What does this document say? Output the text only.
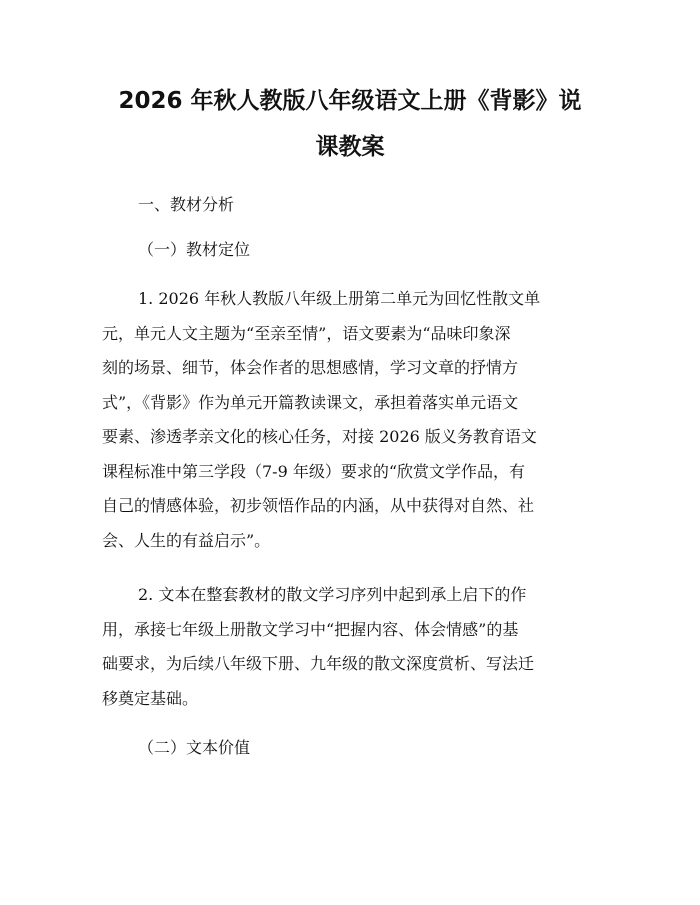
2026 年秋人教版八年级语文上册《背影》说
课教案
一、教材分析
（一）教材定位
1. 2026 年秋人教版八年级上册第二单元为回忆性散文单
元，单元人文主题为“至亲至情”，语文要素为“品味印象深
刻的场景、细节，体会作者的思想感情，学习文章的抒情方
式”，《背影》作为单元开篇教读课文，承担着落实单元语文
要素、渗透孝亲文化的核心任务，对接 2026 版义务教育语文
课程标准中第三学段（7-9 年级）要求的“欣赏文学作品，有
自己的情感体验，初步领悟作品的内涵，从中获得对自然、社
会、人生的有益启示”。
2. 文本在整套教材的散文学习序列中起到承上启下的作
用，承接七年级上册散文学习中“把握内容、体会情感”的基
础要求，为后续八年级下册、九年级的散文深度赏析、写法迁
移奠定基础。
（二）文本价值
